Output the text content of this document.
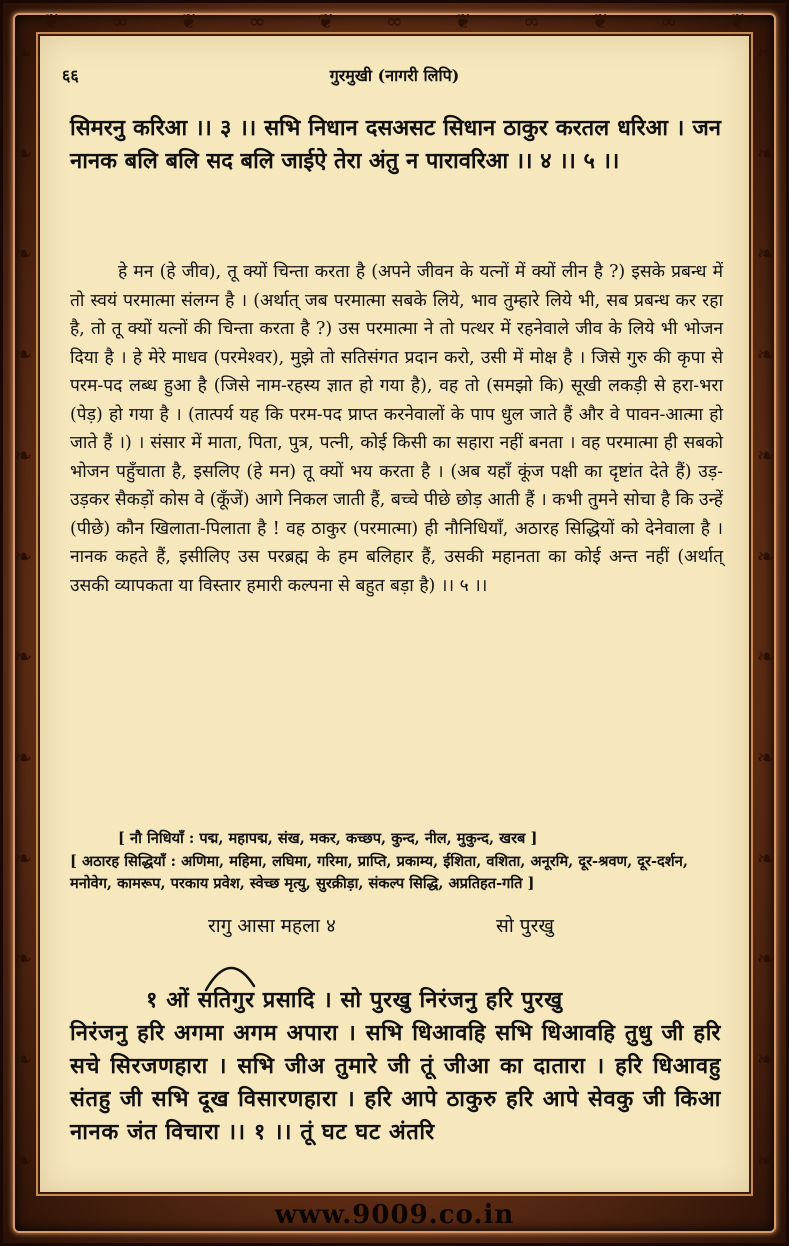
❦	∞	❦	∞	❦	∞	❦	∞	❦	∞	❦
❧
❧
❧
❧
❧
❧
❧
❧
❧
❧
❧
❧
❧
❧
❧
❧
❧
❧
❧
❧
❧
❧
❧
❧
www.9009.co.in
६६	गुरमुखी (नागरी लिपि)
सिमरनु करिआ ।। ३ ।। सभि निधान दसअसट सिधान ठाकुर करतल धरिआ । जन नानक बलि बलि सद बलि जाईऐ तेरा अंतु न पारावरिआ ।। ४ ।। ५ ।।
हे मन (हे जीव), तू क्यों चिन्ता करता है (अपने जीवन के यत्नों में क्यों लीन है ?) इसके प्रबन्ध में तो स्वयं परमात्मा संलग्न है । (अर्थात् जब परमात्मा सबके लिये, भाव तुम्हारे लिये भी, सब प्रबन्ध कर रहा है, तो तू क्यों यत्नों की चिन्ता करता है ?) उस परमात्मा ने तो पत्थर में रहनेवाले जीव के लिये भी भोजन दिया है । हे मेरे माधव (परमेश्वर), मुझे तो सतिसंगत प्रदान करो, उसी में मोक्ष है । जिसे गुरु की कृपा से परम-पद लब्ध हुआ है (जिसे नाम-रहस्य ज्ञात हो गया है), वह तो (समझो कि) सूखी लकड़ी से हरा-भरा (पेड़) हो गया है । (तात्पर्य यह कि परम-पद प्राप्त करनेवालों के पाप धुल जाते हैं और वे पावन-आत्मा हो जाते हैं ।) । संसार में माता, पिता, पुत्र, पत्नी, कोई किसी का सहारा नहीं बनता । वह परमात्मा ही सबको भोजन पहुँचाता है, इसलिए (हे मन) तू क्यों भय करता है । (अब यहाँ कूंज पक्षी का दृष्टांत देते हैं) उड़-उड़कर सैकड़ों कोस वे (कूँजें) आगे निकल जाती हैं, बच्चे पीछे छोड़ आती हैं । कभी तुमने सोचा है कि उन्हें (पीछे) कौन खिलाता-पिलाता है ! वह ठाकुर (परमात्मा) ही नौनिधियाँ, अठारह सिद्धियों को देनेवाला है । नानक कहते हैं, इसीलिए उस परब्रह्म के हम बलिहार हैं, उसकी महानता का कोई अन्त नहीं (अर्थात् उसकी व्यापकता या विस्तार हमारी कल्पना से बहुत बड़ा है) ।। ५ ।।
[ नौ निधियाँ : पद्म, महापद्म, संख, मकर, कच्छप, कुन्द, नील, मुकुन्द, खरब ]
[ अठारह सिद्धियाँ : अणिमा, महिमा, लघिमा, गरिमा, प्राप्ति, प्रकाम्य, ईशिता, वशिता, अनूरमि, दूर-श्रवण, दूर-दर्शन, मनोवेग, कामरूप, परकाय प्रवेश, स्वेच्छ मृत्यु, सुरक्रीड़ा, संकल्प सिद्धि, अप्रतिहत-गति ]
रागु आसा महला ४	सो पुरखु
१ ओं सतिगुर प्रसादि । सो पुरखु निरंजनु हरि पुरखु
निरंजनु हरि अगमा अगम अपारा । सभि धिआवहि सभि धिआवहि तुधु जी हरि सचे सिरजणहारा । सभि जीअ तुमारे जी तूं जीआ का दातारा । हरि धिआवहु संतहु जी सभि दूख विसारणहारा । हरि आपे ठाकुरु हरि आपे सेवकु जी किआ नानक जंत विचारा ।। १ ।। तूं घट घट अंतरि
